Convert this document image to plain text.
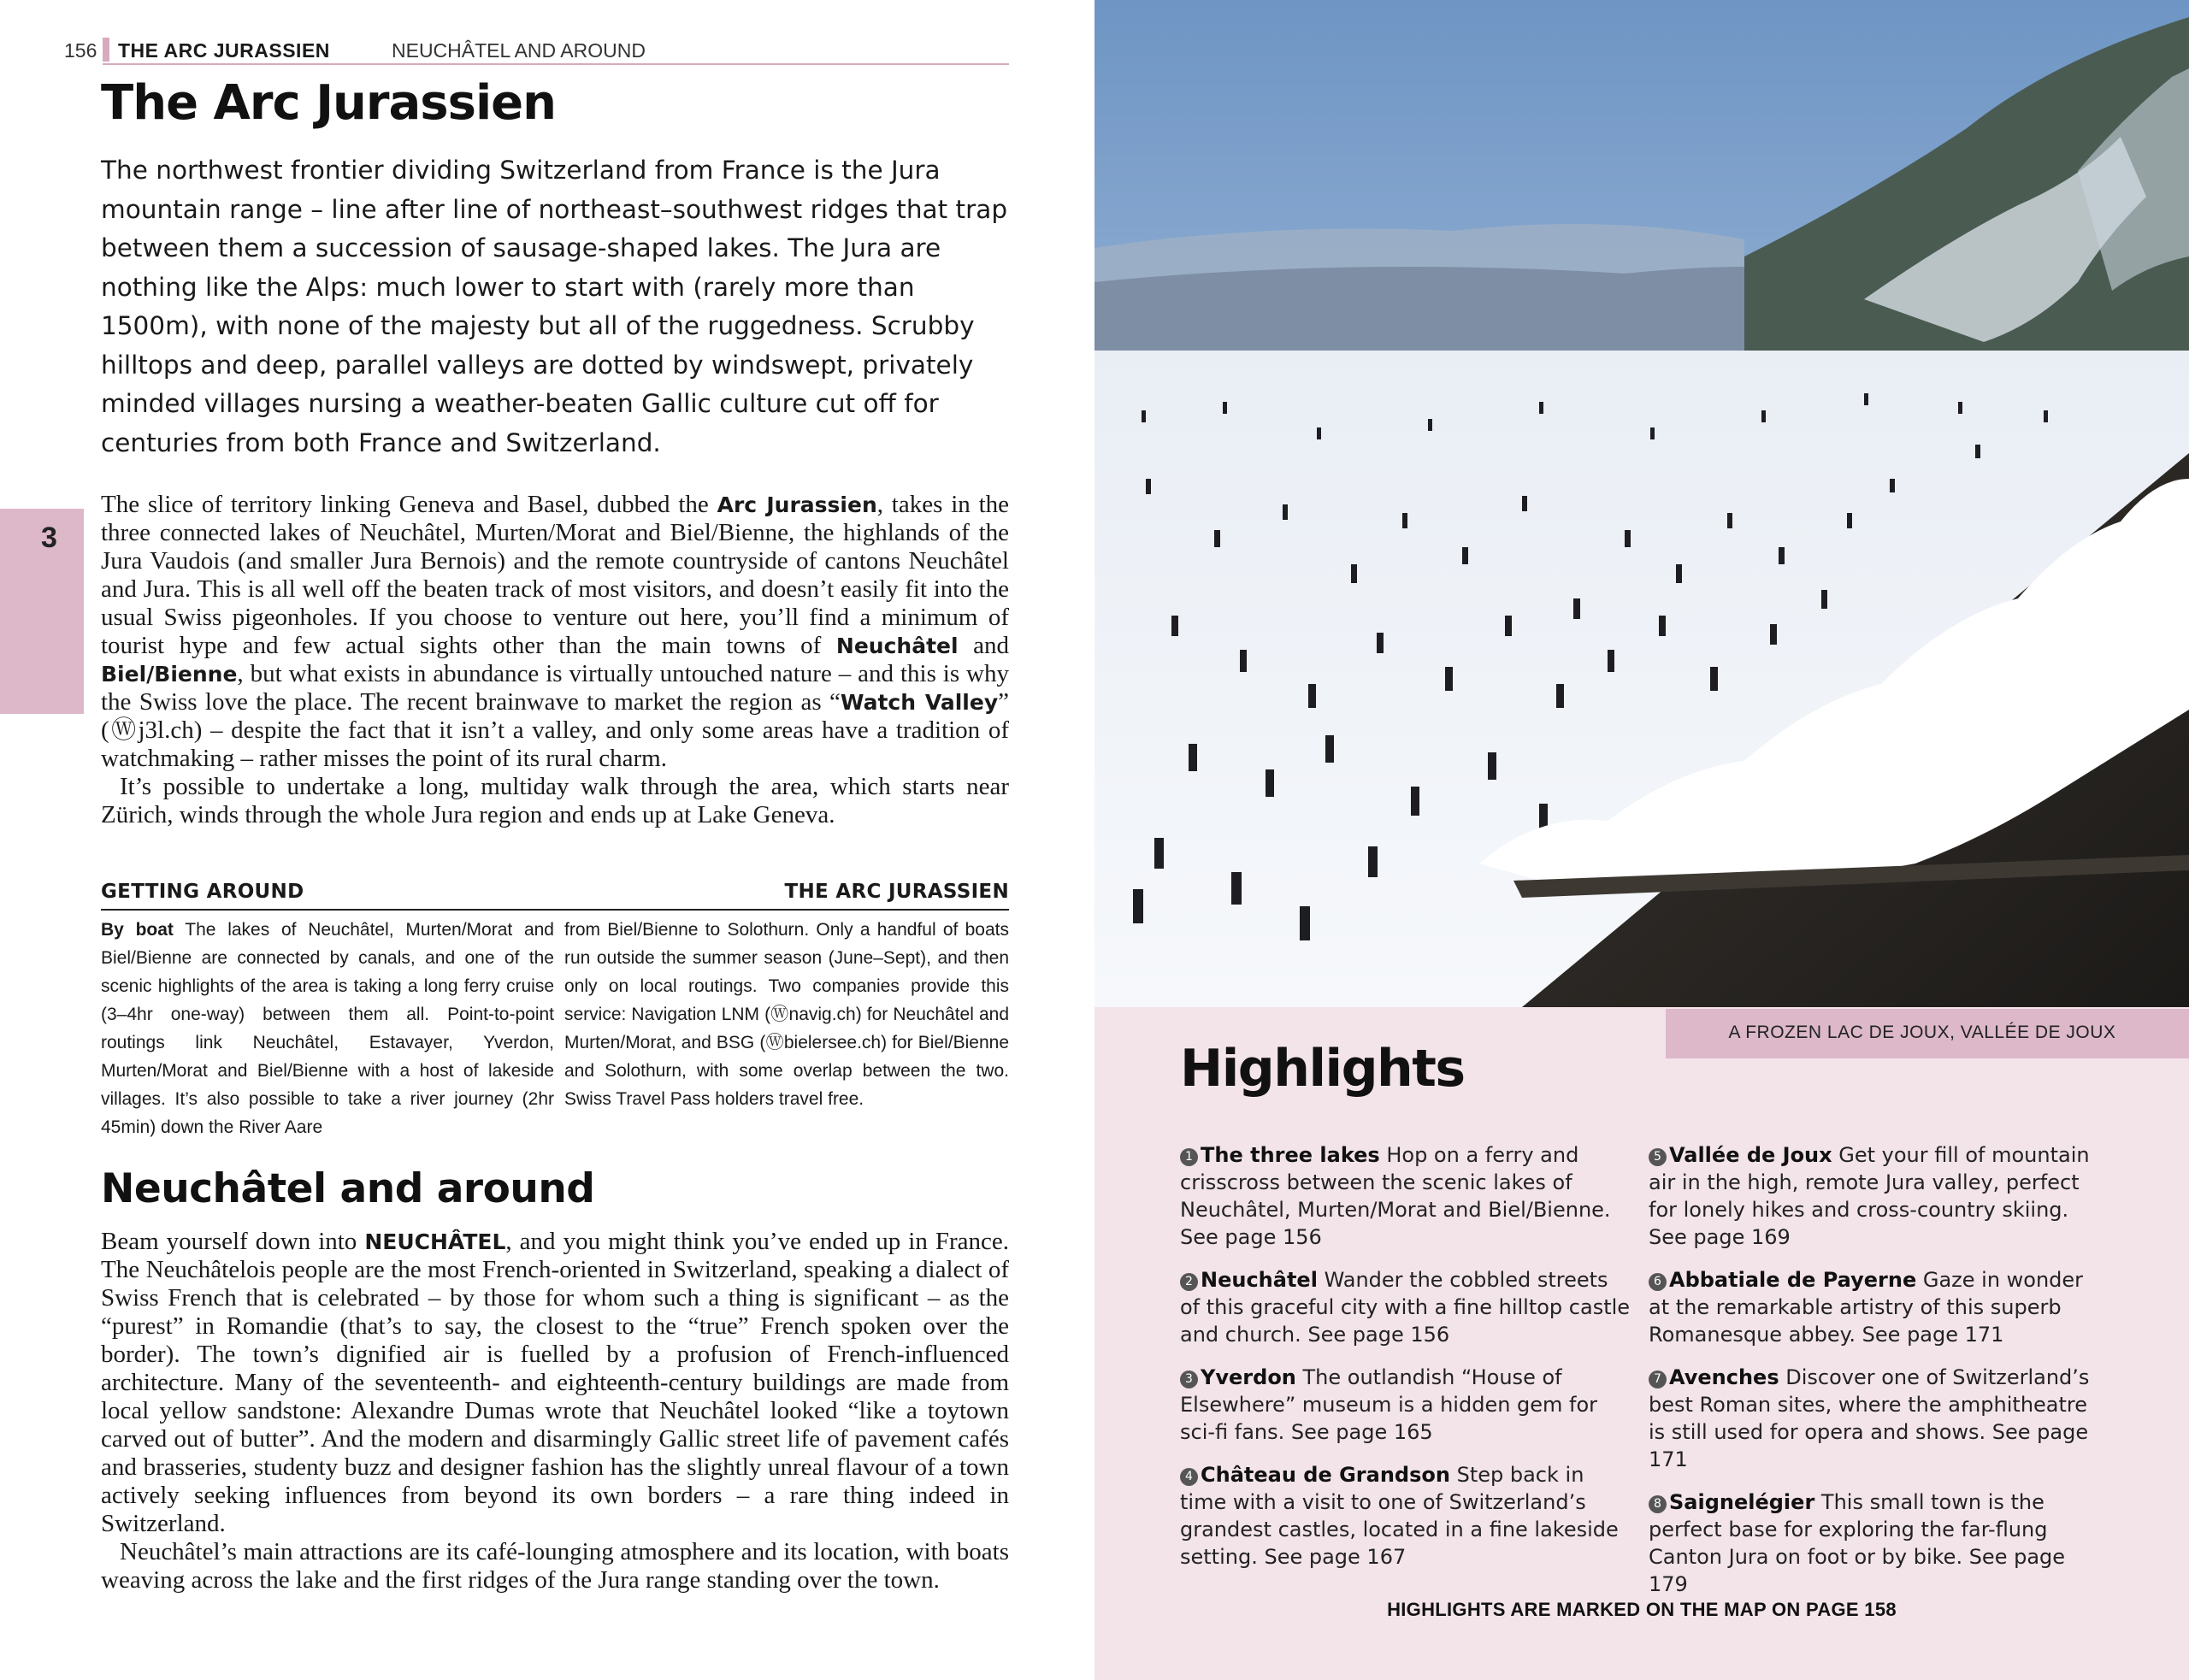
156 THE ARC JURASSIEN	NEUCHÂTEL AND AROUND
3
The Arc Jurassien

The northwest frontier dividing Switzerland from France is the Jura mountain range – line after line of northeast–southwest ridges that trap between them a succession of sausage-shaped lakes. The Jura are nothing like the Alps: much lower to start with (rarely more than 1500m), with none of the majesty but all of the ruggedness. Scrubby hilltops and deep, parallel valleys are dotted by windswept, privately minded villages nursing a weather-beaten Gallic culture cut off for centuries from both France and Switzerland.

The slice of territory linking Geneva and Basel, dubbed the Arc Jurassien, takes in the three connected lakes of Neuchâtel, Murten/Morat and Biel/Bienne, the highlands of the Jura Vaudois (and smaller Jura Bernois) and the remote countryside of cantons Neuchâtel and Jura. This is all well off the beaten track of most visitors, and doesn’t easily fit into the usual Swiss pigeonholes. If you choose to venture out here, you’ll find a minimum of tourist hype and few actual sights other than the main towns of Neuchâtel and Biel/Bienne, but what exists in abundance is virtually untouched nature – and this is why the Swiss love the place. The recent brainwave to market the region as “Watch Valley” (Ⓦj3l.ch) – despite the fact that it isn’t a valley, and only some areas have a tradition of watchmaking – rather misses the point of its rural charm.

It’s possible to undertake a long, multiday walk through the area, which starts near Zürich, winds through the whole Jura region and ends up at Lake Geneva.

GETTING AROUND	THE ARC JURASSIEN

By boat The lakes of Neuchâtel, Murten/Morat and Biel/Bienne are connected by canals, and one of the scenic highlights of the area is taking a long ferry cruise (3–4hr one-way) between them all. Point-to-point routings link Neuchâtel, Estavayer, Yverdon, Murten/Morat and Biel/Bienne with a host of lakeside villages. It’s also possible to take a river journey (2hr 45min) down the River Aare

from Biel/Bienne to Solothurn. Only a handful of boats run outside the summer season (June–Sept), and then only on local routings. Two companies provide this service: Navigation LNM (Ⓦnavig.ch) for Neuchâtel and Murten/Morat, and BSG (Ⓦbielersee.ch) for Biel/Bienne and Solothurn, with some overlap between the two. Swiss Travel Pass holders travel free.

Neuchâtel and around

Beam yourself down into NEUCHÂTEL, and you might think you’ve ended up in France. The Neuchâtelois people are the most French-oriented in Switzerland, speaking a dialect of Swiss French that is celebrated – by those for whom such a thing is significant – as the “purest” in Romandie (that’s to say, the closest to the “true” French spoken over the border). The town’s dignified air is fuelled by a profusion of French-influenced architecture. Many of the seventeenth- and eighteenth-century buildings are made from local yellow sandstone: Alexandre Dumas wrote that Neuchâtel looked “like a toytown carved out of butter”. And the modern and disarmingly Gallic street life of pavement cafés and brasseries, studenty buzz and designer fashion has the slightly unreal flavour of a town actively seeking influences from beyond its own borders – a rare thing indeed in Switzerland.

Neuchâtel’s main attractions are its café-lounging atmosphere and its location, with boats weaving across the lake and the first ridges of the Jura range standing over the town.

A FROZEN LAC DE JOUX, VALLÉE DE JOUX
Highlights

1 The three lakes Hop on a ferry and crisscross between the scenic lakes of Neuchâtel, Murten/Morat and Biel/Bienne. See page 156

2 Neuchâtel Wander the cobbled streets of this graceful city with a fine hilltop castle and church. See page 156

3 Yverdon The outlandish “House of Elsewhere” museum is a hidden gem for sci-fi fans. See page 165

4 Château de Grandson Step back in time with a visit to one of Switzerland’s grandest castles, located in a fine lakeside setting. See page 167

5 Vallée de Joux Get your fill of mountain air in the high, remote Jura valley, perfect for lonely hikes and cross-country skiing. See page 169

6 Abbatiale de Payerne Gaze in wonder at the remarkable artistry of this superb Romanesque abbey. See page 171

7 Avenches Discover one of Switzerland’s best Roman sites, where the amphitheatre is still used for opera and shows. See page 171

8 Saignelégier This small town is the perfect base for exploring the far-flung Canton Jura on foot or by bike. See page 179

HIGHLIGHTS ARE MARKED ON THE MAP ON PAGE 158
